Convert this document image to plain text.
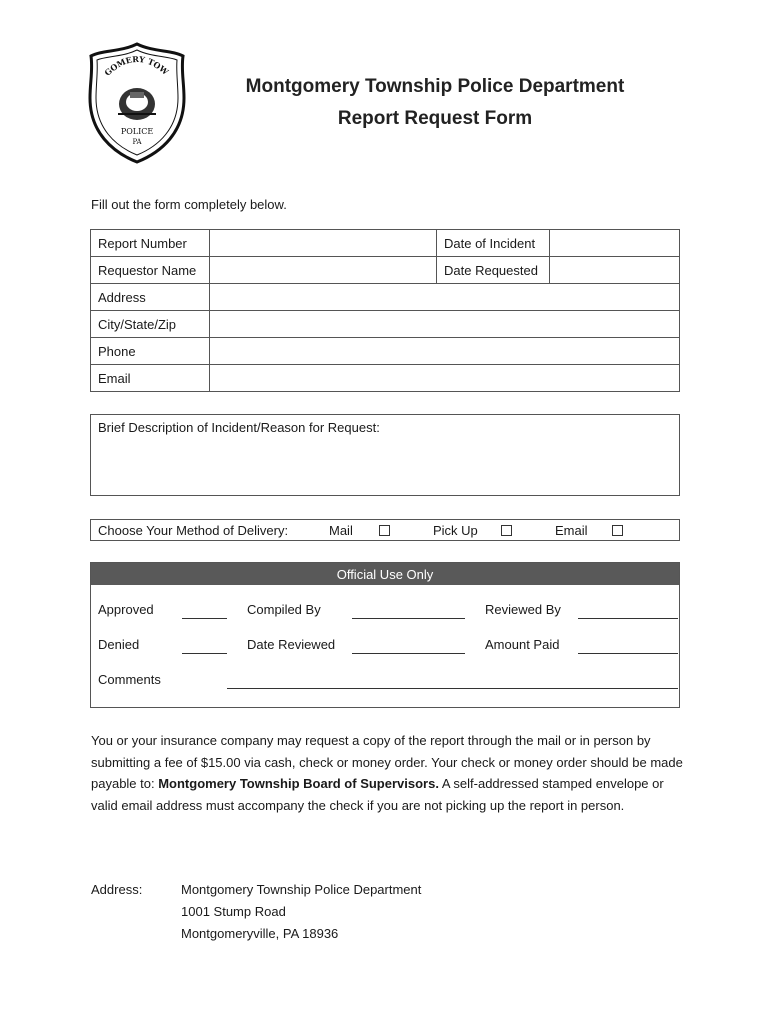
GOMERY TOW
POLICE
PA
Montgomery Township Police Department
Report Request Form
Fill out the form completely below.
Report Number		Date of Incident	
Requestor Name		Date Requested	
Address			
City/State/Zip			
Phone			
Email			
Brief Description of Incident/Reason for Request:
Choose Your Method of Delivery:	Mail	Pick Up	Email
Official Use Only
Approved	Compiled By	Reviewed By
Denied	Date Reviewed	Amount Paid
Comments
You or your insurance company may request a copy of the report through the mail or in person by submitting a fee of $15.00 via cash, check or money order. Your check or money order should be made payable to: Montgomery Township Board of Supervisors. A self-addressed stamped envelope or valid email address must accompany the check if you are not picking up the report in person.
Address:	Montgomery Township Police Department
1001 Stump Road
Montgomeryville, PA 18936
